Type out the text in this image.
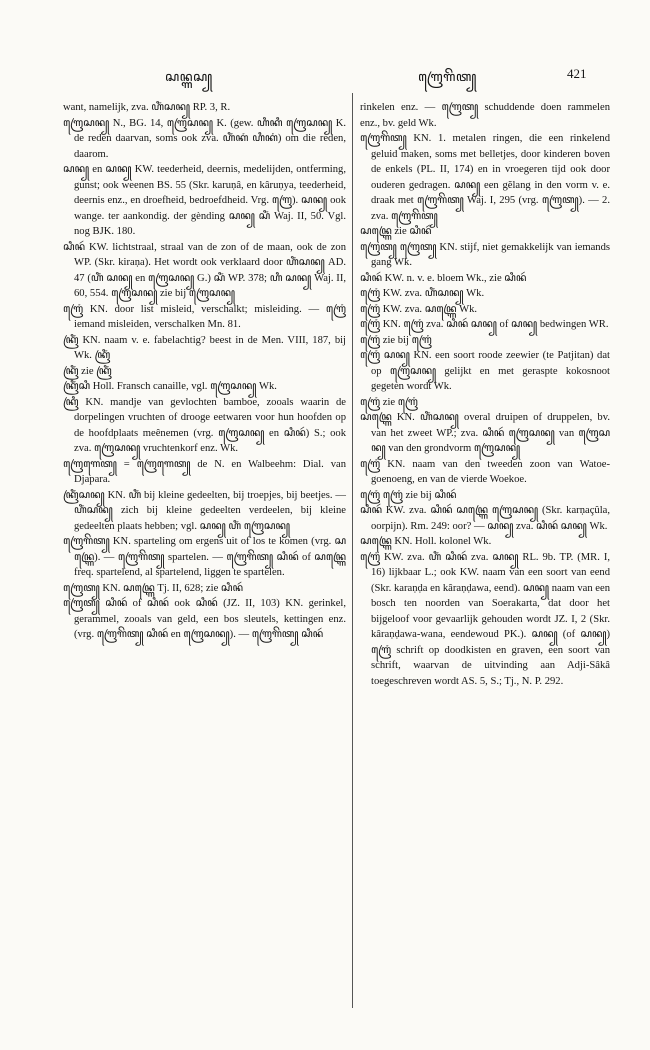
ꦱꦤ꧀ꦒꦱ꧀	ꦒꦿꦺꦒꦼꦠ꧀	421

want, namelijk, zva. ꦲꦶꦁꦱꦤ꧀ RP. 3, R.

ꦒꦿꦺꦱꦤ꧀ N., BG. 14, ꦒꦿꦺꦱꦤ꧀ K. (gew. ꦲꦶꦏꦶ ꦒꦿꦺꦱꦤ꧀ K. de reden daarvan, soms ook zva. ꦲꦶꦁꦏꦁ ꦲꦶꦏꦁ) om die reden, daarom.

ꦱꦤ꧀ en ꦱꦤ꧀ KW. teederheid, deernis, medelijden, ontferming, gunst; ook weenen BS. 55 (Skr. karuṇâ, en kâruṇya, teederheid, deernis enz., en droefheid, bedroefdheid. Vrg. ꦒꦿꦺ). ꦱꦤ꧀ ook wange. ter aankondig. der gènding ꦱꦤ꧀ ꦱꦶꦁ Waj. II, 50. Vgl. nog BJK. 180.

ꦱꦶꦤꦂ KW. lichtstraal, straal van de zon of de maan, ook de zon WP. (Skr. kiraṇa). Het wordt ook verklaard door ꦲꦶꦁꦱꦤ꧀ AD. 47 (ꦲꦶꦁ ꦱꦤ꧀ en ꦒꦿꦺꦱꦤ꧀ G.) ꦱꦶꦁ WP. 378; ꦲꦶ ꦱꦤ꧀ Waj. II, 60, 554. ꦒꦿꦺꦱꦤ꧀ zie bij ꦒꦿꦺꦱꦤ꧀

ꦒꦿꦺꦁ KN. door list misleid, verschalkt; misleiding. — ꦒꦿꦺꦁ iemand misleiden, verschalken Mn. 81.

ꦏꦿꦶꦁ KN. naam v. e. fabelachtig? beest in de Men. VIII, 187, bij Wk. ꦏꦿꦶꦁ

ꦏꦿꦶꦁ zie ꦏꦿꦶꦁ

ꦏꦿꦶꦁꦱꦶ Holl. Fransch canaille, vgl. ꦒꦿꦺꦱꦤ꧀ Wk.

ꦏꦿꦶ KN. mandje van gevlochten bamboe, zooals waarin de dorpelingen vruchten of drooge eetwaren voor hun hoofden op de hoofdplaats meênemen (vrg. ꦒꦿꦺꦱꦤ꧀ en ꦱꦶꦤꦂ) S.; ook zva. ꦒꦿꦺꦱꦤ꧀ vruchtenkorf enz. Wk.

ꦒꦿꦺꦒꦺꦠ꧀ = ꦒꦿꦺꦒꦺꦠ꧀ de N. en Walbeehm: Dial. van Djapara.

ꦏꦿꦶꦁꦱꦤ꧀ KN. ꦲꦶꦁ bij kleine gedeelten, bij troepjes, bij beetjes. — ꦲꦶꦁꦱꦤ꧀ zich bij kleine gedeelten verdeelen, bij kleine gedeelten plaats hebben; vgl. ꦱꦤ꧀ ꦲꦶꦁ ꦒꦿꦺꦱꦤ꧀

ꦒꦿꦺꦒꦼꦠ꧀ KN. sparteling om ergens uit of los te komen (vrg. ꦱꦤ꧀ꦒꦿꦺ). — ꦒꦿꦺꦒꦼꦠ꧀ spartelen. — ꦒꦿꦺꦒꦼꦠ꧀ ꦱꦶꦤꦂ of ꦱꦤ꧀ꦒꦿꦺ freq. spartelend, al spartelend, liggen te spartelen.

ꦒꦿꦺꦠ꧀ KN. ꦱꦤ꧀ꦒꦿꦺ Tj. II, 628; zie ꦱꦶꦤꦂ

ꦒꦿꦺꦠ꧀ ꦱꦶꦤꦂ of ꦱꦶꦤꦂ ook ꦱꦶꦤꦂ (JZ. II, 103) KN. gerinkel, gerammel, zooals van geld, een bos sleutels, kettingen enz. (vrg. ꦒꦿꦺꦒꦼꦠ꧀ ꦱꦶꦤꦂ en ꦒꦿꦺꦱꦤ꧀). — ꦒꦿꦺꦒꦼꦠ꧀ ꦱꦶꦤꦂ

rinkelen enz. — ꦒꦿꦺꦠ꧀ schuddende doen rammelen enz., bv. geld Wk.

ꦒꦿꦺꦒꦼꦠ꧀ KN. 1. metalen ringen, die een rinkelend geluid maken, soms met belletjes, door kinderen boven de enkels (PL. II, 174) en in vroegeren tijd ook door ouderen gedragen. ꦱꦤ꧀ een gĕlang in den vorm v. e. draak met ꦒꦿꦺꦒꦼꦠ꧀ Waj. I, 295 (vrg. ꦒꦿꦺꦠ꧀). — 2. zva. ꦒꦿꦺꦒꦼꦠ꧀

ꦱꦤ꧀ꦒꦿꦺ zie ꦱꦶꦤꦂ

ꦒꦿꦺꦠ꧀ ꦒꦿꦺꦠ꧀ KN. stijf, niet gemakkelijk van iemands gang Wk.

ꦱꦶꦤꦂ KW. n. v. e. bloem Wk., zie ꦱꦶꦤꦂ

ꦒꦿꦺꦁ KW. zva. ꦲꦶꦁꦱꦤ꧀ Wk.

ꦒꦿꦺꦁ KW. zva. ꦱꦤ꧀ꦒꦿꦺ Wk.

ꦒꦿꦺꦁ KN. ꦒꦿꦺꦁ zva. ꦱꦶꦤꦂ ꦱꦤ꧀ of ꦱꦤ꧀ bedwingen WR.

ꦒꦿꦺꦁ zie bij ꦒꦿꦺꦁ

ꦒꦿꦺꦁ ꦱꦤ꧀ KN. een soort roode zeewier (te Patjitan) dat op ꦒꦿꦺꦱꦤ꧀ gelijkt en met geraspte kokosnoot gegeten wordt Wk.

ꦒꦿꦺꦁ zie ꦒꦿꦺꦁ

ꦱꦤ꧀ꦒꦿꦺ KN. ꦲꦶꦁꦱꦤ꧀ overal druipen of druppelen, bv. van het zweet WP.; zva. ꦱꦶꦤꦂ ꦒꦿꦺꦱꦤ꧀ van ꦒꦿꦺꦱꦤ꧀ van den grondvorm ꦒꦿꦺꦱꦤ꧀

ꦒꦿꦺꦁ KN. naam van den tweeden zoon van Watoe-goenoeng, en van de vierde Woekoe.

ꦒꦿꦺꦁ ꦒꦿꦺꦁ zie bij ꦱꦶꦤꦂ

ꦱꦶꦤꦂ KW. zva. ꦱꦶꦤꦂ ꦱꦤ꧀ꦒꦿꦺ ꦒꦿꦺꦱꦤ꧀ (Skr. karṇaçûla, oorpijn). Rm. 249: oor? — ꦱꦤ꧀ zva. ꦱꦶꦤꦂ ꦱꦤ꧀ Wk.

ꦱꦤ꧀ꦒꦿꦺ KN. Holl. kolonel Wk.

ꦒꦿꦺꦁ KW. zva. ꦲꦶꦁ ꦱꦶꦤꦂ zva. ꦱꦤ꧀ RL. 9b. TP. (MR. I, 16) lijkbaar L.; ook KW. naam van een soort van eend (Skr. karaṇḍa en kâraṇḍawa, eend). ꦱꦤ꧀ naam van een bosch ten noorden van Soerakarta, dat door het bijgeloof voor gevaarlijk gehouden wordt JZ. I, 2 (Skr. kâraṇḍawa-wana, eendewoud PK.). ꦱꦤ꧀ (of ꦱꦤ꧀) ꦒꦿꦺꦁ schrift op doodkisten en graven, een soort van schrift, waarvan de uitvinding aan Adji-Sâkâ toegeschreven wordt AS. 5, S.; Tj., N. P. 292.
